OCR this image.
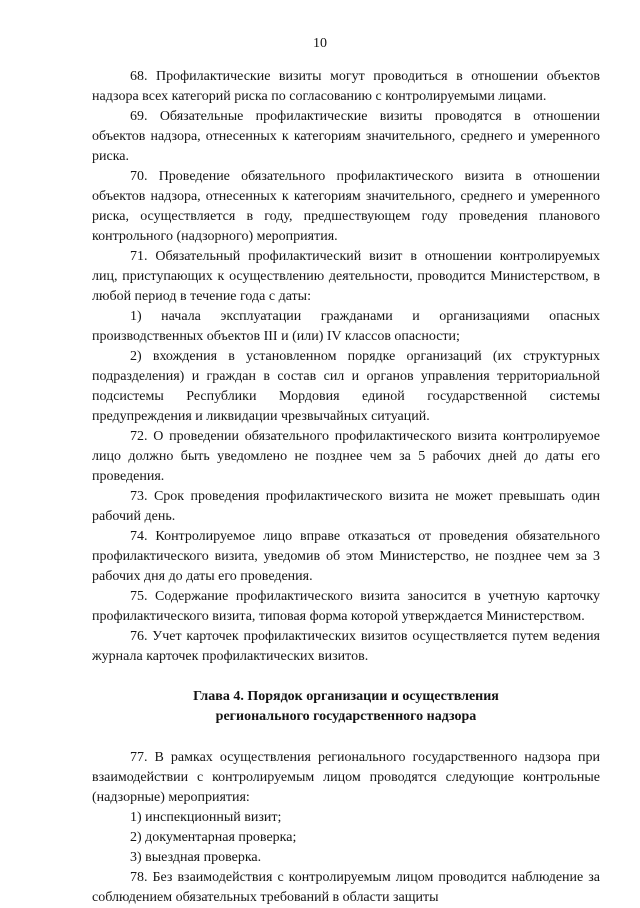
10

68. Профилактические визиты могут проводиться в отношении объектов надзора всех категорий риска по согласованию с контролируемыми лицами.

69. Обязательные профилактические визиты проводятся в отношении объектов надзора, отнесенных к категориям значительного, среднего и умеренного риска.

70. Проведение обязательного профилактического визита в отношении объектов надзора, отнесенных к категориям значительного, среднего и умеренного риска, осуществляется в году, предшествующем году проведения планового контрольного (надзорного) мероприятия.

71. Обязательный профилактический визит в отношении контролируемых лиц, приступающих к осуществлению деятельности, проводится Министерством, в любой период в течение года с даты:

1) начала эксплуатации гражданами и организациями опасных производственных объектов III и (или) IV классов опасности;

2) вхождения в установленном порядке организаций (их структурных подразделения) и граждан в состав сил и органов управления территориальной подсистемы Республики Мордовия единой государственной системы предупреждения и ликвидации чрезвычайных ситуаций.

72. О проведении обязательного профилактического визита контролируемое лицо должно быть уведомлено не позднее чем за 5 рабочих дней до даты его проведения.

73. Срок проведения профилактического визита не может превышать один рабочий день.

74. Контролируемое лицо вправе отказаться от проведения обязательного профилактического визита, уведомив об этом Министерство, не позднее чем за 3 рабочих дня до даты его проведения.

75. Содержание профилактического визита заносится в учетную карточку профилактического визита, типовая форма которой утверждается Министерством.

76. Учет карточек профилактических визитов осуществляется путем ведения журнала карточек профилактических визитов.

Глава 4. Порядок организации и осуществления

регионального государственного надзора

77. В рамках осуществления регионального государственного надзора при взаимодействии с контролируемым лицом проводятся следующие контрольные (надзорные) мероприятия:

1) инспекционный визит;

2) документарная проверка;

3) выездная проверка.

78. Без взаимодействия с контролируемым лицом проводится наблюдение за соблюдением обязательных требований в области защиты
